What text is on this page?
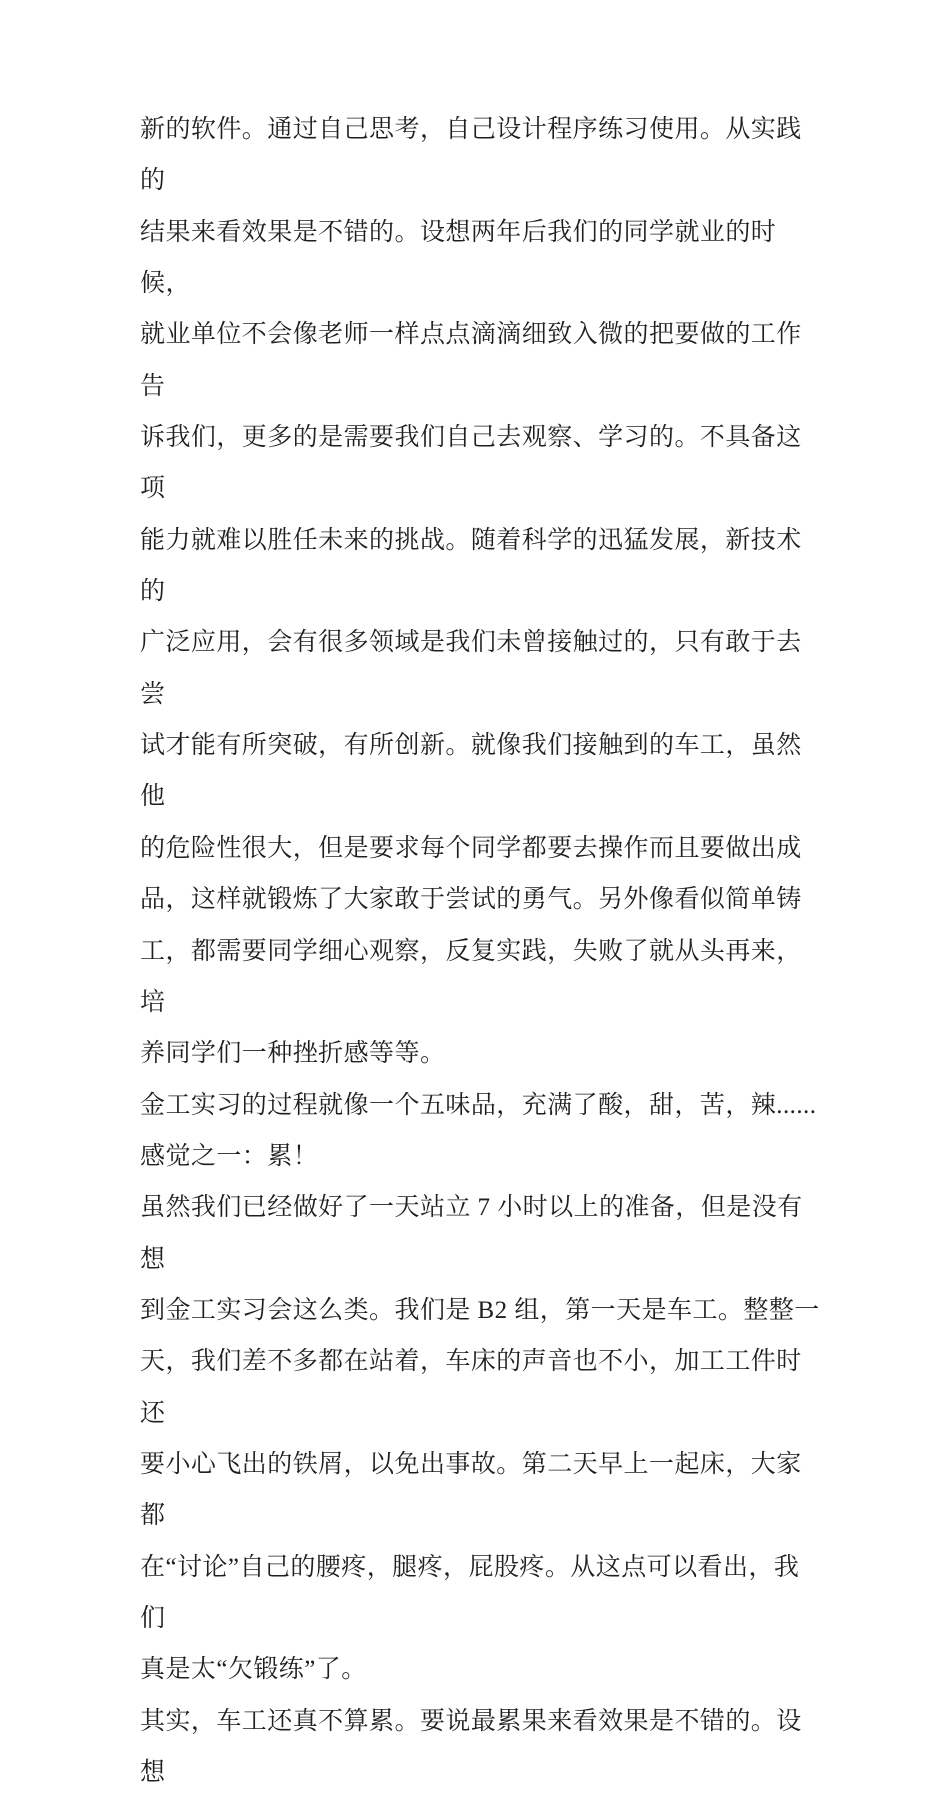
新的软件。通过自己思考，自己设计程序练习使用。从实践的
结果来看效果是不错的。设想两年后我们的同学就业的时候，
就业单位不会像老师一样点点滴滴细致入微的把要做的工作告
诉我们，更多的是需要我们自己去观察、学习的。不具备这项
能力就难以胜任未来的挑战。随着科学的迅猛发展，新技术的
广泛应用，会有很多领域是我们未曾接触过的，只有敢于去尝
试才能有所突破，有所创新。就像我们接触到的车工，虽然他
的危险性很大，但是要求每个同学都要去操作而且要做出成
品，这样就锻炼了大家敢于尝试的勇气。另外像看似简单铸
工，都需要同学细心观察，反复实践，失败了就从头再来，培
养同学们一种挫折感等等。
金工实习的过程就像一个五味品，充满了酸，甜，苦，辣......
感觉之一：累！
虽然我们已经做好了一天站立 7 小时以上的准备，但是没有想
到金工实习会这么类。我们是 B2 组，第一天是车工。整整一
天，我们差不多都在站着，车床的声音也不小，加工工件时还
要小心飞出的铁屑，以免出事故。第二天早上一起床，大家都
在“讨论”自己的腰疼，腿疼，屁股疼。从这点可以看出，我们
真是太“欠锻练”了。
其实，车工还真不算累。要说最累果来看效果是不错的。设想
